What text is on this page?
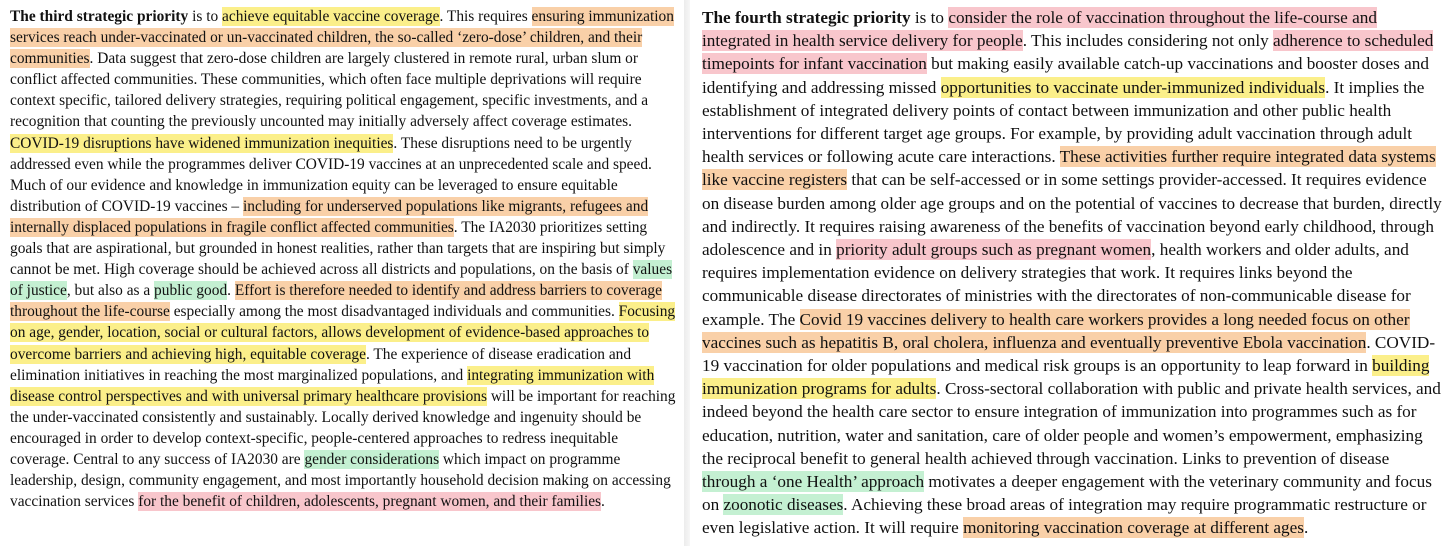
The third strategic priority is to achieve equitable vaccine coverage. This requires ensuring immunization services reach under-vaccinated or un-vaccinated children, the so-called ‘zero-dose’ children, and their communities. Data suggest that zero-dose children are largely clustered in remote rural, urban slum or conflict affected communities. These communities, which often face multiple deprivations will require context specific, tailored delivery strategies, requiring political engagement, specific investments, and a recognition that counting the previously uncounted may initially adversely affect coverage estimates. COVID-19 disruptions have widened immunization inequities. These disruptions need to be urgently addressed even while the programmes deliver COVID-19 vaccines at an unprecedented scale and speed. Much of our evidence and knowledge in immunization equity can be leveraged to ensure equitable distribution of COVID-19 vaccines – including for underserved populations like migrants, refugees and internally displaced populations in fragile conflict affected communities. The IA2030 prioritizes setting goals that are aspirational, but grounded in honest realities, rather than targets that are inspiring but simply cannot be met. High coverage should be achieved across all districts and populations, on the basis of values of justice, but also as a public good. Effort is therefore needed to identify and address barriers to coverage throughout the life-course especially among the most disadvantaged individuals and communities. Focusing on age, gender, location, social or cultural factors, allows development of evidence-based approaches to overcome barriers and achieving high, equitable coverage. The experience of disease eradication and elimination initiatives in reaching the most marginalized populations, and integrating immunization with disease control perspectives and with universal primary healthcare provisions will be important for reaching the under-vaccinated consistently and sustainably. Locally derived knowledge and ingenuity should be encouraged in order to develop context-specific, people-centered approaches to redress inequitable coverage. Central to any success of IA2030 are gender considerations which impact on programme leadership, design, community engagement, and most importantly household decision making on accessing vaccination services for the benefit of children, adolescents, pregnant women, and their families.

The fourth strategic priority is to consider the role of vaccination throughout the life-course and integrated in health service delivery for people. This includes considering not only adherence to scheduled timepoints for infant vaccination but making easily available catch-up vaccinations and booster doses and identifying and addressing missed opportunities to vaccinate under-immunized individuals. It implies the establishment of integrated delivery points of contact between immunization and other public health interventions for different target age groups. For example, by providing adult vaccination through adult health services or following acute care interactions. These activities further require integrated data systems like vaccine registers that can be self-accessed or in some settings provider-accessed. It requires evidence on disease burden among older age groups and on the potential of vaccines to decrease that burden, directly and indirectly. It requires raising awareness of the benefits of vaccination beyond early childhood, through adolescence and in priority adult groups such as pregnant women, health workers and older adults, and requires implementation evidence on delivery strategies that work. It requires links beyond the communicable disease directorates of ministries with the directorates of non-communicable disease for example. The Covid 19 vaccines delivery to health care workers provides a long needed focus on other vaccines such as hepatitis B, oral cholera, influenza and eventually preventive Ebola vaccination. COVID-19 vaccination for older populations and medical risk groups is an opportunity to leap forward in building immunization programs for adults. Cross-sectoral collaboration with public and private health services, and indeed beyond the health care sector to ensure integration of immunization into programmes such as for education, nutrition, water and sanitation, care of older people and women’s empowerment, emphasizing the reciprocal benefit to general health achieved through vaccination. Links to prevention of disease through a ‘one Health’ approach motivates a deeper engagement with the veterinary community and focus on zoonotic diseases. Achieving these broad areas of integration may require programmatic restructure or even legislative action. It will require monitoring vaccination coverage at different ages.
